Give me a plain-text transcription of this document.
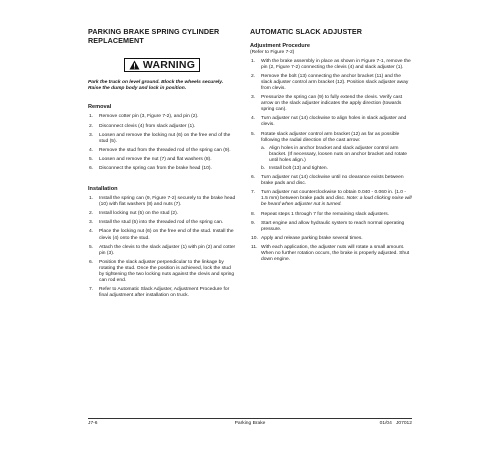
PARKING BRAKE SPRING CYLINDER REPLACEMENT
WARNING

Park the truck on level ground. Block the wheels securely. Raise the dump body and lock in position.

Removal
1. Remove cotter pin (3, Figure 7-2), and pin (2).
2. Disconnect clevis (4) from slack adjuster (1).
3. Loosen and remove the locking nut (6) on the free end of the stud (5).
4. Remove the stud from the threaded rod of the spring can (9).
5. Loosen and remove the nut (7) and flat washers (8).
6. Disconnect the spring can from the brake head (10).
Installation
1. Install the spring can (9, Figure 7-2) securely to the brake head (10) with flat washers (8) and nuts (7).
2. Install locking nut (5) on the stud (2).
3. Install the stud (5) into the threaded rod of the spring can.
4. Place the locking nut (6) on the free end of the stud. Install the clevis (4) onto the stud.
5. Attach the clevis to the slack adjuster (1) with pin (2) and cotter pin (3).
6. Position the slack adjuster perpendicular to the linkage by rotating the stud. Once the position is achieved, lock the stud by tightening the two locking nuts against the clevis and spring can rod end.
7. Refer to Automatic Slack Adjuster, Adjustment Procedure for final adjustment after installation on truck.
AUTOMATIC SLACK ADJUSTER
Adjustment Procedure

(Refer to Figure 7-2)

1. With the brake assembly in place as shown in Figure 7-1, remove the pin (2, Figure 7-2) connecting the clevis (4) and slack adjuster (1).
2. Remove the bolt (13) connecting the anchor bracket (11) and the slack adjuster control arm bracket (12). Position slack adjuster away from clevis.
3. Pressurize the spring can (9) to fully extend the clevis. Verify cast arrow on the slack adjuster indicates the apply direction (towards spring can).
4. Turn adjuster nut (14) clockwise to align holes in slack adjuster and clevis.
5. Rotate slack adjuster control arm bracket (12) as far as possible following the radial direction of the cast arrow:
a. Align holes in anchor bracket and slack adjuster control arm bracket. (If necessary, loosen nuts on anchor bracket and rotate until holes align.)
b. Install bolt (13) and tighten.
6. Turn adjuster nut (14) clockwise until no clearance exists between brake pads and disc.
7. Turn adjuster nut counterclockwise to obtain 0.040 - 0.060 in. (1.0 - 1.5 mm) between brake pads and disc. Note: a loud clicking noise will be heard when adjuster nut is turned.
8. Repeat steps 1 through 7 for the remaining slack adjusters.
9. Start engine and allow hydraulic system to reach normal operating pressure.
10. Apply and release parking brake several times.
11. With each application, the adjuster nuts will rotate a small amount. When no further rotation occurs, the brake is properly adjusted. Shut down engine.
J7-6	Parking Brake	01/04   J07012
